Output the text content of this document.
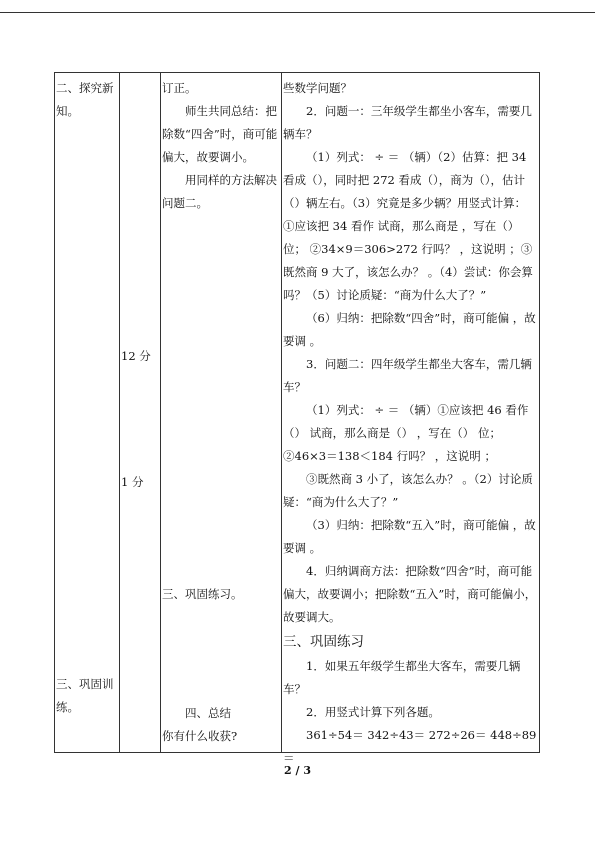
二、探究新知。
三、巩固训练。
12 分
1 分

订正。

师生共同总结：把除数“四舍”时，商可能偏大，故要调小。

用同样的方法解决问题二。

三、巩固练习。

四、总结

你有什么收获?

些数学问题？

2．问题一：三年级学生都坐小客车，需要几辆车？

（1）列式： ÷ ＝ （辆）（2）估算：把 34 看成（），同时把 272 看成（），商为（），估计（）辆左右。（3）究竟是多少辆？用竖式计算：①应该把 34 看作 试商，那么商是 ，写在（）位； ②34×9＝306>272 行吗？ ，这说明 ；③既然商 9 大了，该怎么办？ 。（4）尝试：你会算吗？（5）讨论质疑：“商为什么大了？”

（6）归纳：把除数“四舍”时，商可能偏 ，故要调 。

3．问题二：四年级学生都坐大客车，需几辆车？

（1）列式： ÷ ＝ （辆）①应该把 46 看作（） 试商，那么商是（） ，写在（） 位；②46×3＝138＜184 行吗？ ，这说明 ；

③既然商 3 小了，该怎么办？ 。（2）讨论质疑：“商为什么大了？”

（3）归纳：把除数“五入”时，商可能偏 ，故要调 。

4．归纳调商方法：把除数“四舍”时，商可能偏大，故要调小；把除数“五入”时，商可能偏小，故要调大。

三、巩固练习

1．如果五年级学生都坐大客车，需要几辆车？

2．用竖式计算下列各题。

361÷54＝ 342÷43＝ 272÷26＝ 448÷89＝

2 / 3
